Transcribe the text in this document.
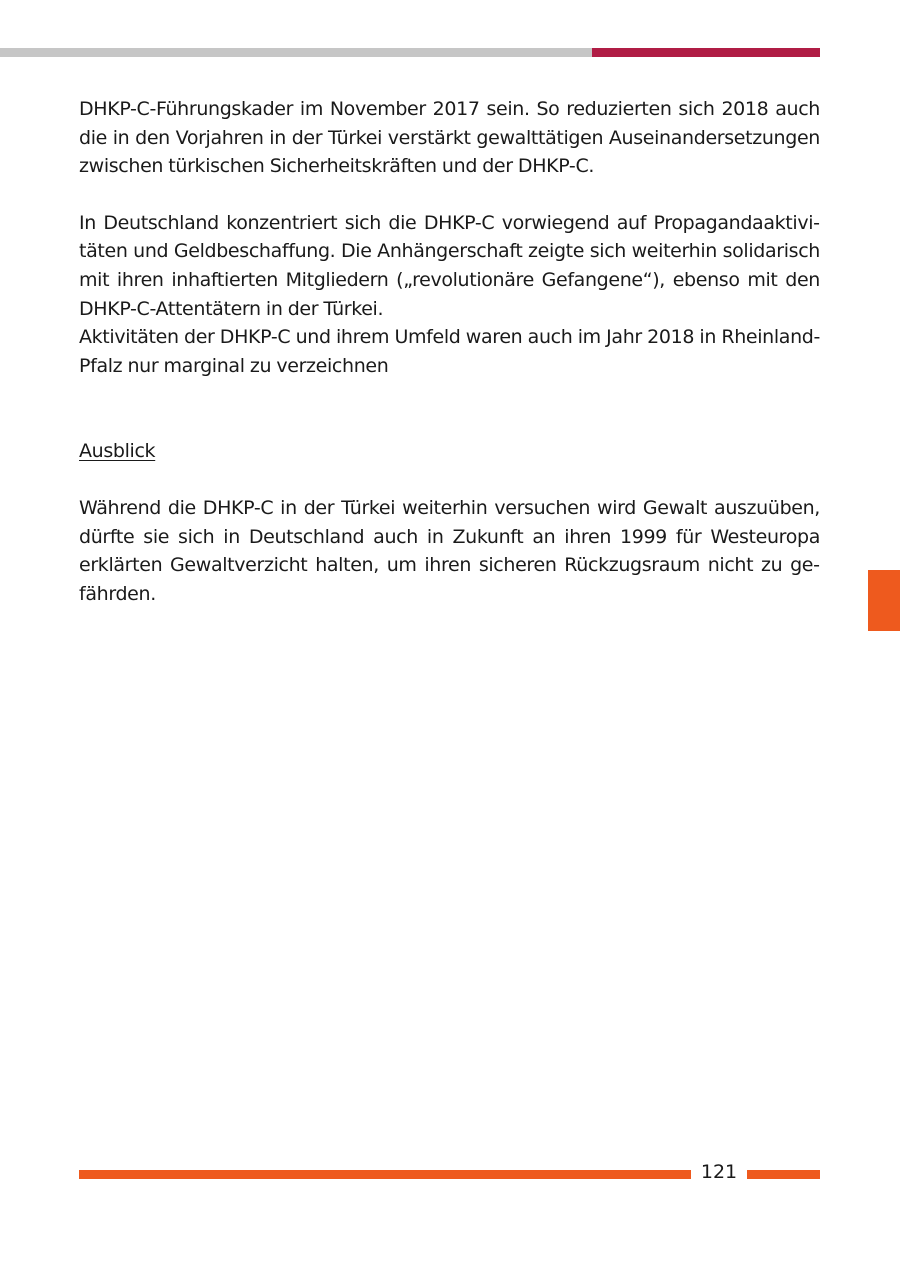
DHKP-C-Führungskader im November 2017 sein. So reduzierten sich 2018 auch die in den Vorjahren in der Türkei verstärkt gewalttätigen Auseinandersetzungen zwischen türkischen Sicherheitskräften und der DHKP-C.

In Deutschland konzentriert sich die DHKP-C vorwiegend auf Propagandaaktivitäten und Geldbeschaffung. Die Anhängerschaft zeigte sich weiterhin solidarisch mit ihren inhaftierten Mitgliedern („revolutionäre Gefangene“), ebenso mit den DHKP-C-Attentätern in der Türkei.

Aktivitäten der DHKP-C und ihrem Umfeld waren auch im Jahr 2018 in Rheinland-Pfalz nur marginal zu verzeichnen

Ausblick

Während die DHKP-C in der Türkei weiterhin versuchen wird Gewalt auszuüben, dürfte sie sich in Deutschland auch in Zukunft an ihren 1999 für Westeuropa erklärten Gewaltverzicht halten, um ihren sicheren Rückzugsraum nicht zu gefährden.

121
